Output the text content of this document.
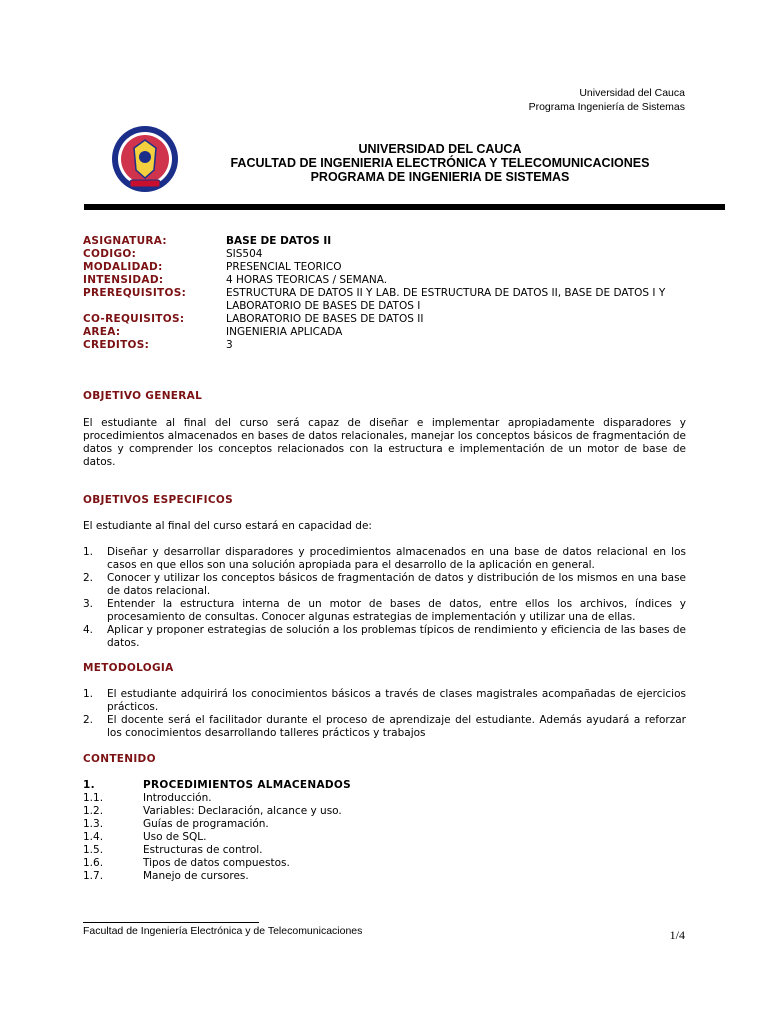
Universidad del Cauca
Programa Ingeniería de Sistemas
UNIVERSIDAD DEL CAUCA
FACULTAD DE INGENIERIA ELECTRÓNICA Y TELECOMUNICACIONES
PROGRAMA DE INGENIERIA DE SISTEMAS
ASIGNATURA:	BASE DE DATOS II
CODIGO:	SIS504
MODALIDAD:	PRESENCIAL TEORICO
INTENSIDAD:	4 HORAS TEORICAS / SEMANA.
PREREQUISITOS:	ESTRUCTURA DE DATOS II Y LAB. DE ESTRUCTURA DE DATOS II, BASE DE DATOS I Y LABORATORIO DE BASES DE DATOS I
CO-REQUISITOS:	LABORATORIO DE BASES DE DATOS II
AREA:	INGENIERIA APLICADA
CREDITOS:	3
OBJETIVO GENERAL
El estudiante al final del curso será capaz de diseñar e implementar apropiadamente disparadores y procedimientos almacenados en bases de datos relacionales, manejar los conceptos básicos de fragmentación de datos y comprender los conceptos relacionados con la estructura e implementación de un motor de base de datos.
OBJETIVOS ESPECIFICOS
El estudiante al final del curso estará en capacidad de:
1.	Diseñar y desarrollar disparadores y procedimientos almacenados en una base de datos relacional en los casos en que ellos son una solución apropiada para el desarrollo de la aplicación en general.
2.	Conocer y utilizar los conceptos básicos de fragmentación de datos y distribución de los mismos en una base de datos relacional.
3.	Entender la estructura interna de un motor de bases de datos, entre ellos los archivos, índices y procesamiento de consultas. Conocer algunas estrategias de implementación y utilizar una de ellas.
4.	Aplicar y proponer estrategias de solución a los problemas típicos de rendimiento y eficiencia de las bases de datos.
METODOLOGIA
1.	El estudiante adquirirá los conocimientos básicos a través de clases magistrales acompañadas de ejercicios prácticos.
2.	El docente será el facilitador durante el proceso de aprendizaje del estudiante. Además ayudará a reforzar los conocimientos desarrollando talleres prácticos y trabajos
CONTENIDO
1.	PROCEDIMIENTOS ALMACENADOS
1.1.	Introducción.
1.2.	Variables: Declaración, alcance y uso.
1.3.	Guías de programación.
1.4.	Uso de SQL.
1.5.	Estructuras de control.
1.6.	Tipos de datos compuestos.
1.7.	Manejo de cursores.
Facultad de Ingeniería Electrónica y de Telecomunicaciones	1/4
